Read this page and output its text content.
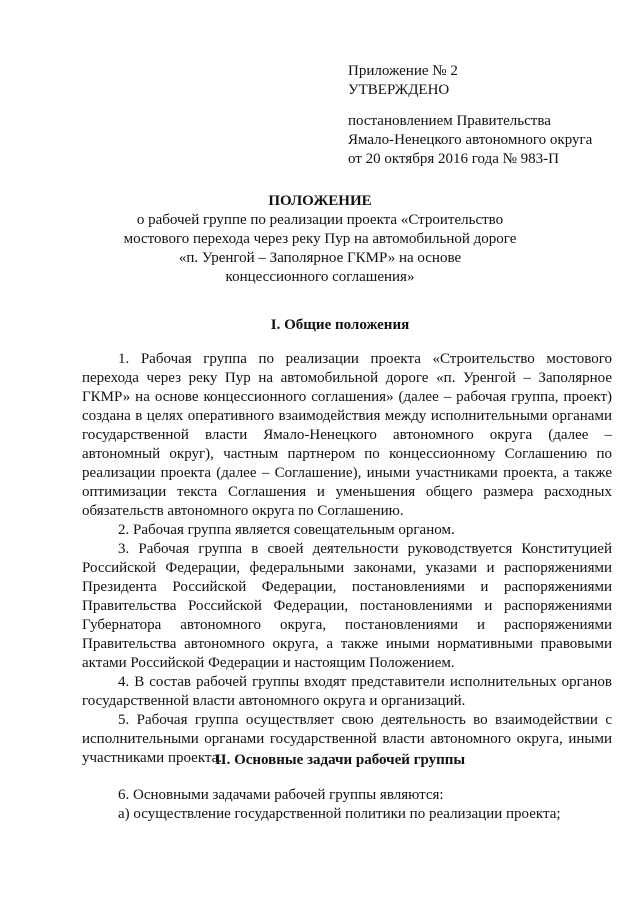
Приложение № 2
УТВЕРЖДЕНО
постановлением Правительства
Ямало-Ненецкого автономного округа
от 20 октября 2016 года № 983-П
ПОЛОЖЕНИЕ
о рабочей группе по реализации проекта «Строительство
мостового перехода через реку Пур на автомобильной дороге
«п. Уренгой – Заполярное ГКМР» на основе
концессионного соглашения»
I. Общие положения

1. Рабочая группа по реализации проекта «Строительство мостового перехода через реку Пур на автомобильной дороге «п. Уренгой – Заполярное ГКМР» на основе концессионного соглашения» (далее – рабочая группа, проект) создана в целях оперативного взаимодействия между исполнительными органами государственной власти Ямало-Ненецкого автономного округа (далее – автономный округ), частным партнером по концессионному Соглашению по реализации проекта (далее – Соглашение), иными участниками проекта, а также оптимизации текста Соглашения и уменьшения общего размера расходных обязательств автономного округа по Соглашению.

2. Рабочая группа является совещательным органом.

3. Рабочая группа в своей деятельности руководствуется Конституцией Российской Федерации, федеральными законами, указами и распоряжениями Президента Российской Федерации, постановлениями и распоряжениями Правительства Российской Федерации, постановлениями и распоряжениями Губернатора автономного округа, постановлениями и распоряжениями Правительства автономного округа, а также иными нормативными правовыми актами Российской Федерации и настоящим Положением.

4. В состав рабочей группы входят представители исполнительных органов государственной власти автономного округа и организаций.

5. Рабочая группа осуществляет свою деятельность во взаимодействии с исполнительными органами государственной власти автономного округа, иными участниками проекта.

II. Основные задачи рабочей группы

6. Основными задачами рабочей группы являются:

а) осуществление государственной политики по реализации проекта;
